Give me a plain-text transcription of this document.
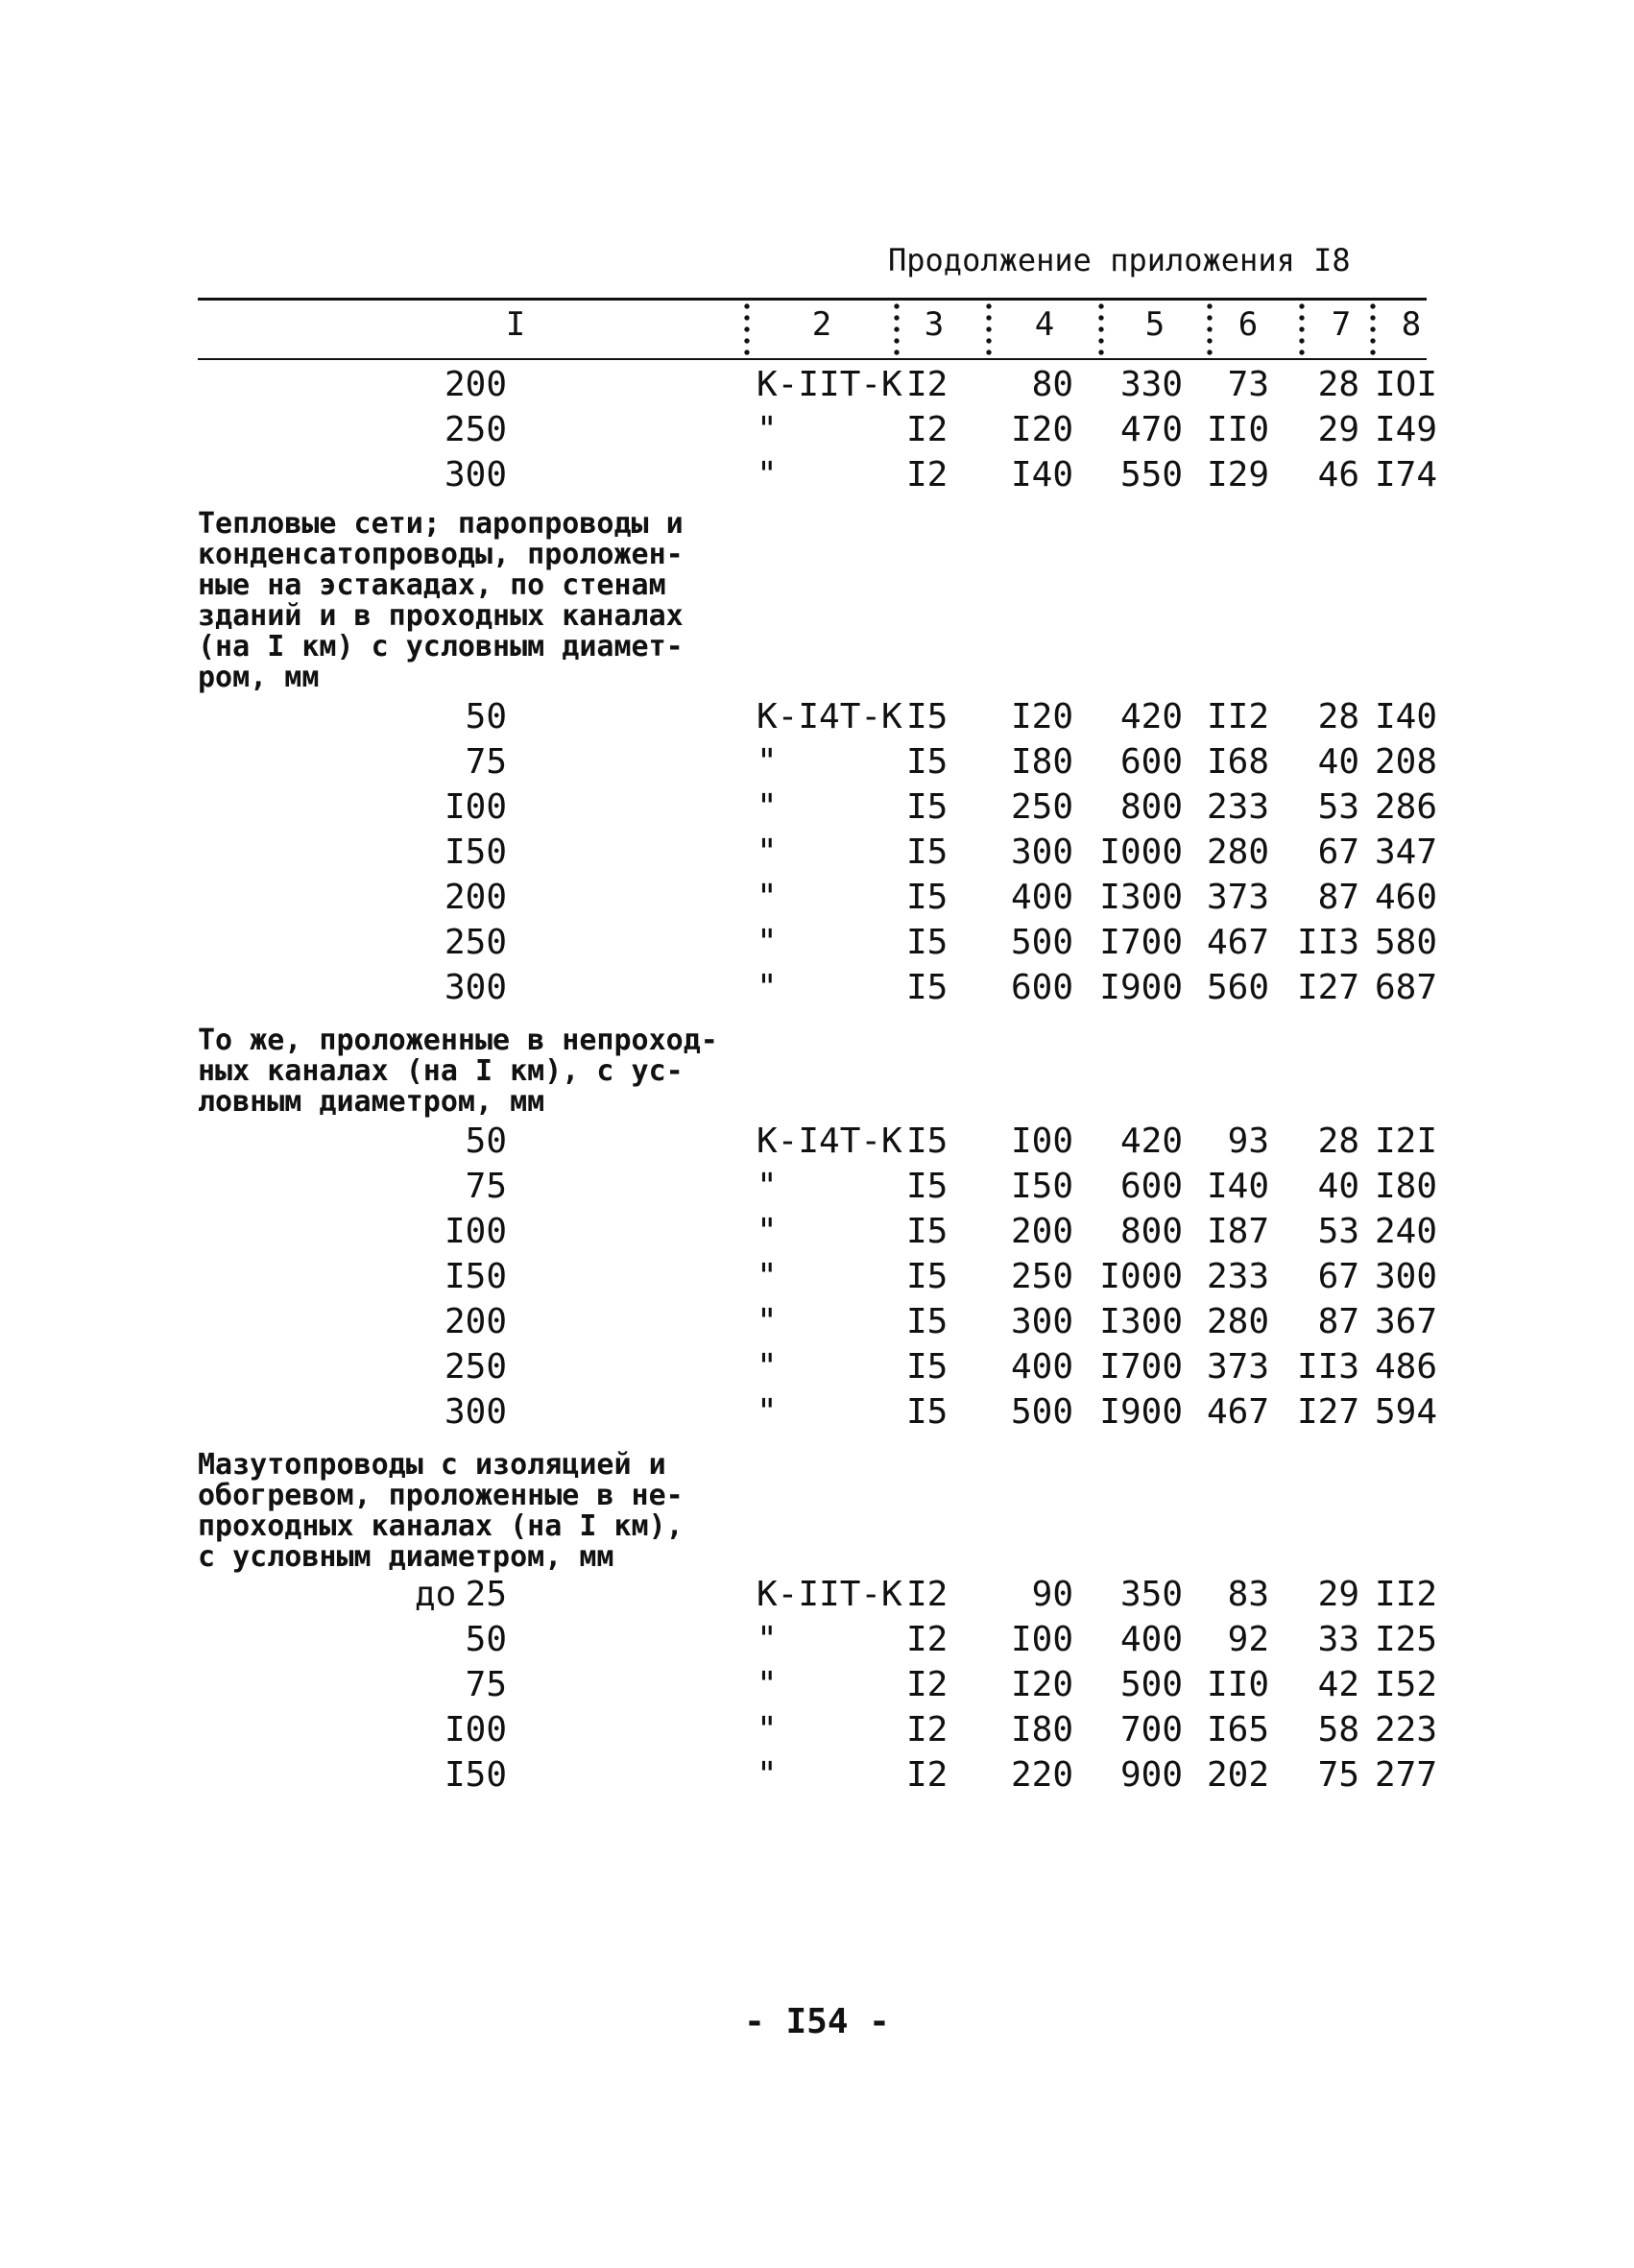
Продолжение приложения I8
I	2	3	4	5	6	7	8
200	К-IIТ-К I2 80 330 73 28 IOI
250	"	I2 I20 470 II0 29 I49
300	"	I2 I40 550 I29 46 I74
50	К-I4Т-К I5 I20 420 II2 28 I40
75	"	I5 I80 600 I68 40 208
I00	"	I5 250 800 233 53 286
I50	"	I5 300 I000 280 67 347
200	"	I5 400 I300 373 87 460
250	"	I5 500 I700 467 II3 580
300	"	I5 600 I900 560 I27 687
50	К-I4Т-К I5 I00 420 93 28 I2I
75	"	I5 I50 600 I40 40 I80
I00	"	I5 200 800 I87 53 240
I50	"	I5 250 I000 233 67 300
200	"	I5 300 I300 280 87 367
250	"	I5 400 I700 373 II3 486
300	"	I5 500 I900 467 I27 594
до 25	К-IIТ-К I2 90 350 83 29 II2
50	"	I2 I00 400 92 33 I25
75	"	I2 I20 500 II0 42 I52
I00	"	I2 I80 700 I65 58 223
I50	"	I2 220 900 202 75 277
Тепловые сети; паропроводы и
конденсатопроводы, проложен-
ные на эстакадах, по стенам
зданий и в проходных каналах
(на I км) с условным диамет-
ром, мм
То же, проложенные в непроход-
ных каналах (на I км), с ус-
ловным диаметром, мм
Мазутопроводы с изоляцией и
обогревом, проложенные в не-
проходных каналах (на I км),
с условным диаметром, мм
- I54 -
